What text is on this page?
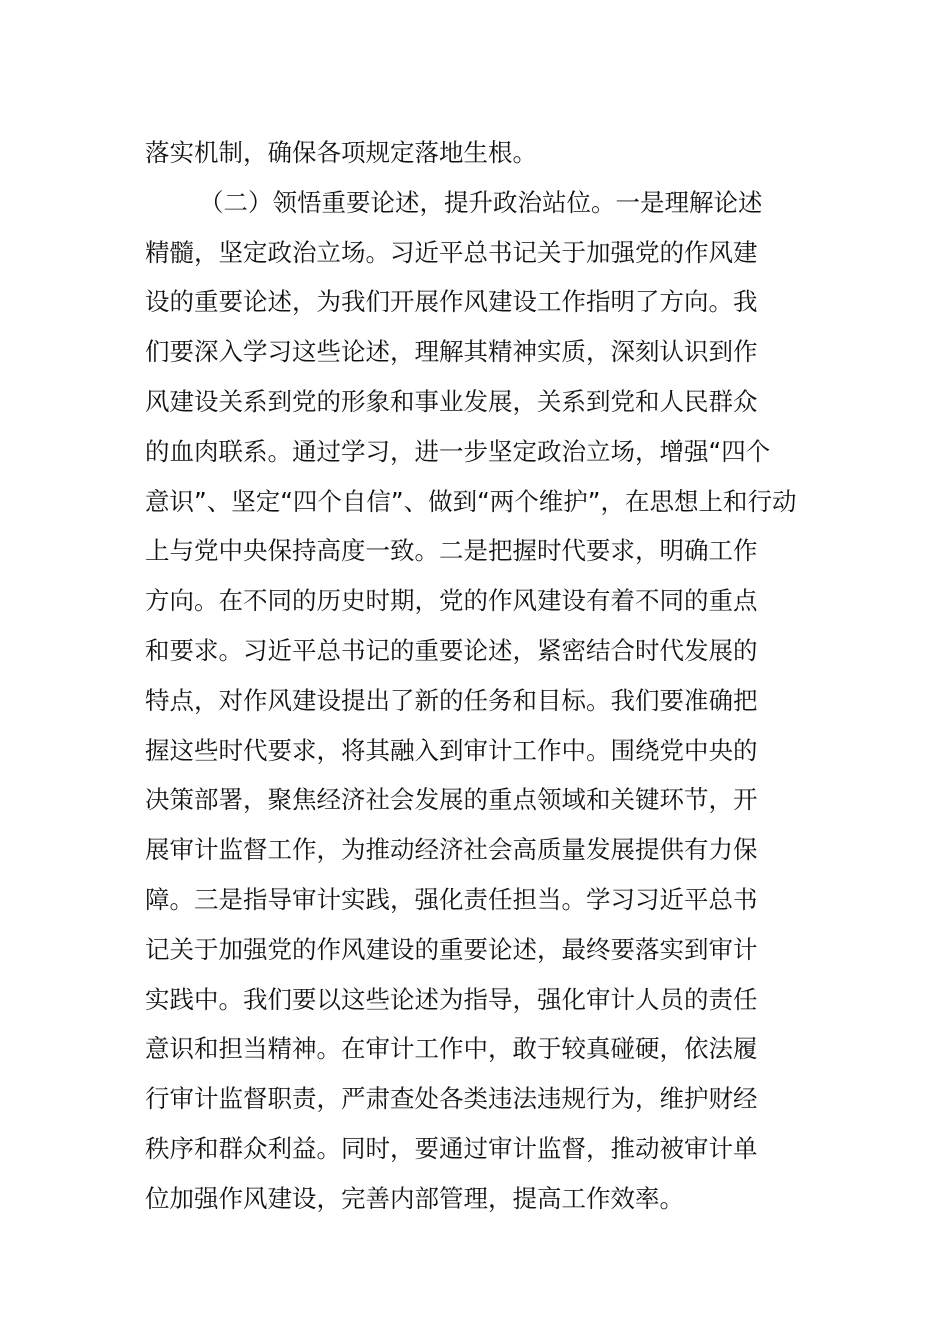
落实机制，确保各项规定落地生根。
（二）领悟重要论述，提升政治站位。一是理解论述
精髓，坚定政治立场。习近平总书记关于加强党的作风建
设的重要论述，为我们开展作风建设工作指明了方向。我
们要深入学习这些论述，理解其精神实质，深刻认识到作
风建设关系到党的形象和事业发展，关系到党和人民群众
的血肉联系。通过学习，进一步坚定政治立场，增强“四个
意识”、坚定“四个自信”、做到“两个维护”，在思想上和行动
上与党中央保持高度一致。二是把握时代要求，明确工作
方向。在不同的历史时期，党的作风建设有着不同的重点
和要求。习近平总书记的重要论述，紧密结合时代发展的
特点，对作风建设提出了新的任务和目标。我们要准确把
握这些时代要求，将其融入到审计工作中。围绕党中央的
决策部署，聚焦经济社会发展的重点领域和关键环节，开
展审计监督工作，为推动经济社会高质量发展提供有力保
障。三是指导审计实践，强化责任担当。学习习近平总书
记关于加强党的作风建设的重要论述，最终要落实到审计
实践中。我们要以这些论述为指导，强化审计人员的责任
意识和担当精神。在审计工作中，敢于较真碰硬，依法履
行审计监督职责，严肃查处各类违法违规行为，维护财经
秩序和群众利益。同时，要通过审计监督，推动被审计单
位加强作风建设，完善内部管理，提高工作效率。
